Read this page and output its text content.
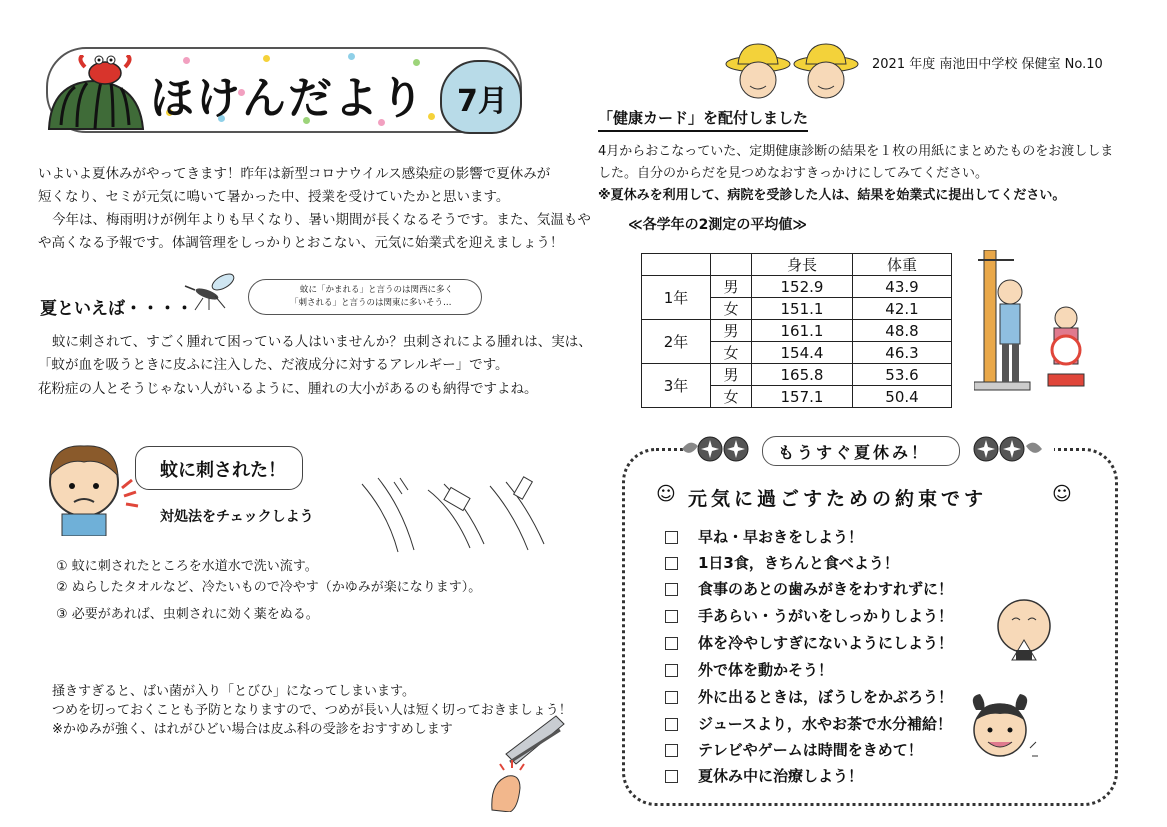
ほけんだより 7月
いよいよ夏休みがやってきます！昨年は新型コロナウイルス感染症の影響で夏休みが
短くなり、セミが元気に鳴いて暑かった中、授業を受けていたかと思います。
今年は、梅雨明けが例年よりも早くなり、暑い期間が長くなるそうです。また、気温もや
や高くなる予報です。体調管理をしっかりとおこない、元気に始業式を迎えましょう！
夏といえば・・・・
蚊に「かまれる」と言うのは関西に多く
「刺される」と言うのは関東に多いそう…
蚊に刺されて、すごく腫れて困っている人はいませんか？虫刺されによる腫れは、実は、
「蚊が血を吸うときに皮ふに注入した、だ液成分に対するアレルギー」です。
花粉症の人とそうじゃない人がいるように、腫れの大小があるのも納得ですよね。
蚊に刺された！
対処法をチェックしよう
① 蚊に刺されたところを水道水で洗い流す。
② ぬらしたタオルなど、冷たいもので冷やす（かゆみが楽になります）。
③ 必要があれば、虫刺されに効く薬をぬる。
掻きすぎると、ばい菌が入り「とびひ」になってしまいます。
つめを切っておくことも予防となりますので、つめが長い人は短く切っておきましょう！
※かゆみが強く、はれがひどい場合は皮ふ科の受診をおすすめします
2021 年度 南池田中学校 保健室 No.10
「健康カード」を配付しました
4月からおこなっていた、定期健康診断の結果を１枚の用紙にまとめたものをお渡ししま
した。自分のからだを見つめなおすきっかけにしてみてください。
※夏休みを利用して、病院を受診した人は、結果を始業式に提出してください。
≪各学年の2測定の平均値≫
		身長	体重
1年	男	152.9	43.9
	女	151.1	42.1
2年	男	161.1	48.8
	女	154.4	46.3
3年	男	165.8	53.6
	女	157.1	50.4
もうすぐ夏休み！
☺ 元気に過ごすための約束です	☺
早ね・早おきをしよう！
1日3食，きちんと食べよう！
食事のあとの歯みがきをわすれずに！
手あらい・うがいをしっかりしよう！
体を冷やしすぎにないようにしよう！
外で体を動かそう！
外に出るときは，ぼうしをかぶろう！
ジュースより，水やお茶で水分補給！
テレビやゲームは時間をきめて！
夏休み中に治療しよう！
